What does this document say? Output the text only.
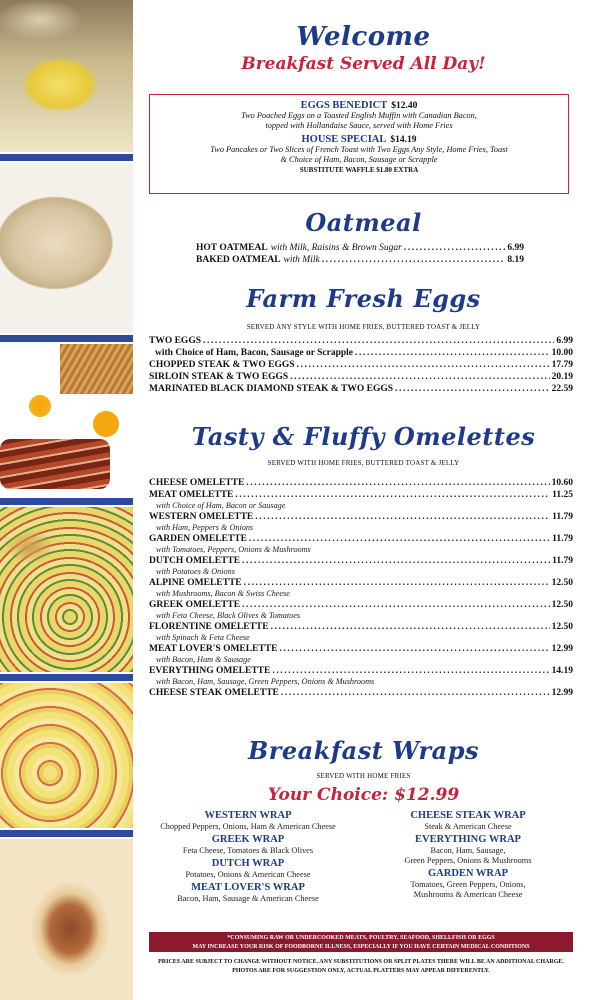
Welcome
Breakfast Served All Day!
EGGS BENEDICT $12.40
Two Poached Eggs on a Toasted English Muffin with Canadian Bacon,
topped with Hollandaise Sauce, served with Home Fries
HOUSE SPECIAL $14.19
Two Pancakes or Two Slices of French Toast with Two Eggs Any Style, Home Fries, Toast
& Choice of Ham, Bacon, Sausage or Scrapple
SUBSTITUTE WAFFLE $1.80 EXTRA
Oatmeal
HOT OATMEAL with Milk, Raisins & Brown Sugar .....	6.99
BAKED OATMEAL with Milk .....	8.19
Farm Fresh Eggs
SERVED ANY STYLE WITH HOME FRIES, BUTTERED TOAST & JELLY
TWO EGGS .....	6.99
with Choice of Ham, Bacon, Sausage or Scrapple .....	10.00
CHOPPED STEAK & TWO EGGS .....	17.79
SIRLOIN STEAK & TWO EGGS .....	20.19
MARINATED BLACK DIAMOND STEAK & TWO EGGS .....	22.59
Tasty & Fluffy Omelettes
SERVED WITH HOME FRIES, BUTTERED TOAST & JELLY
CHEESE OMELETTE .....	10.60
MEAT OMELETTE .....	11.25
with Choice of Ham, Bacon or Sausage
WESTERN OMELETTE .....	11.79
with Ham, Peppers & Onions
GARDEN OMELETTE .....	11.79
with Tomatoes, Peppers, Onions & Mushrooms
DUTCH OMELETTE .....	11.79
with Potatoes & Onions
ALPINE OMELETTE .....	12.50
with Mushrooms, Bacon & Swiss Cheese
GREEK OMELETTE .....	12.50
with Feta Cheese, Black Olives & Tomatoes
FLORENTINE OMELETTE .....	12.50
with Spinach & Feta Cheese
MEAT LOVER'S OMELETTE .....	12.99
with Bacon, Ham & Sausage
EVERYTHING OMELETTE .....	14.19
with Bacon, Ham, Sausage, Green Peppers, Onions & Mushrooms
CHEESE STEAK OMELETTE .....	12.99
Breakfast Wraps
SERVED WITH HOME FRIES
Your Choice: $12.99
WESTERN WRAP
Chopped Peppers, Onions, Ham & American Cheese
GREEK WRAP
Feta Cheese, Tomatoes & Black Olives
DUTCH WRAP
Potatoes, Onions & American Cheese
MEAT LOVER'S WRAP
Bacon, Ham, Sausage & American Cheese
CHEESE STEAK WRAP
Steak & American Cheese
EVERYTHING WRAP
Bacon, Ham, Sausage,
Green Peppers, Onions & Mushrooms
GARDEN WRAP
Tomatoes, Green Peppers, Onions,
Mushrooms & American Cheese
*CONSUMING RAW OR UNDERCOOKED MEATS, POULTRY, SEAFOOD, SHELLFISH OR EGGS
MAY INCREASE YOUR RISK OF FOODBORNE ILLNESS, ESPECIALLY IF YOU HAVE CERTAIN MEDICAL CONDITIONS
PRICES ARE SUBJECT TO CHANGE WITHOUT NOTICE. ANY SUBSTITUTIONS OR SPLIT PLATES THERE WILL BE AN ADDITIONAL CHARGE.
PHOTOS ARE FOR SUGGESTION ONLY, ACTUAL PLATTERS MAY APPEAR DIFFERENTLY.
